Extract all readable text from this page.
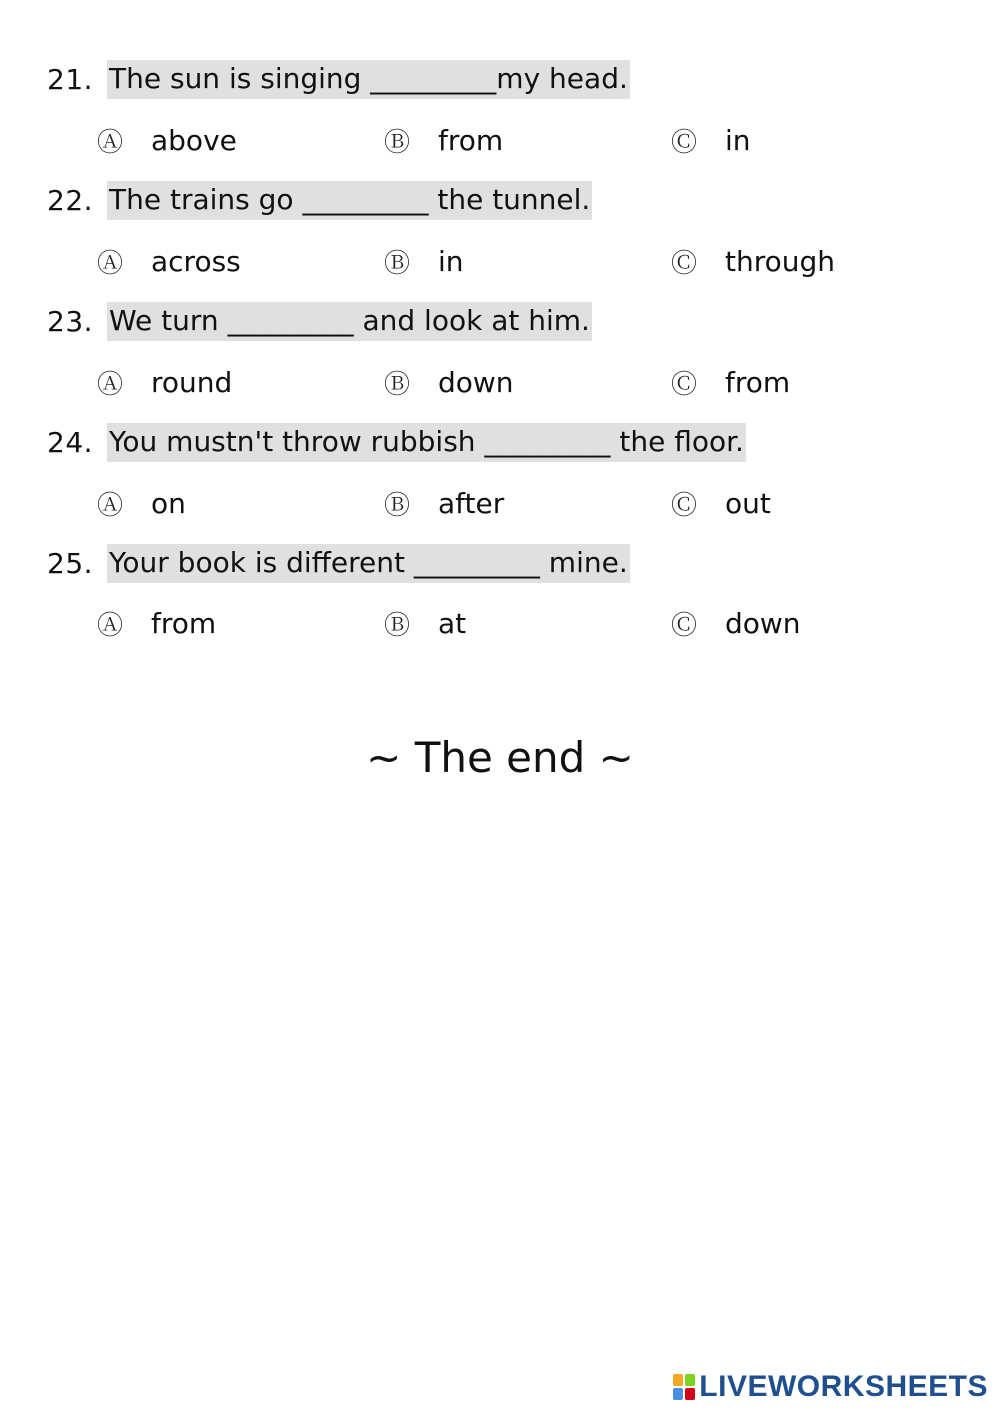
21. The sun is singing _________my head.
Ⓐ above	Ⓑ from	Ⓒ in
22. The trains go _________ the tunnel.
Ⓐ across	Ⓑ in	Ⓒ through
23. We turn _________ and look at him.
Ⓐ round	Ⓑ down	Ⓒ from
24. You mustn't throw rubbish _________ the floor.
Ⓐ on	Ⓑ after	Ⓒ out
25. Your book is different _________ mine.
Ⓐ from	Ⓑ at	Ⓒ down
~ The end ~
LIVEWORKSHEETS
